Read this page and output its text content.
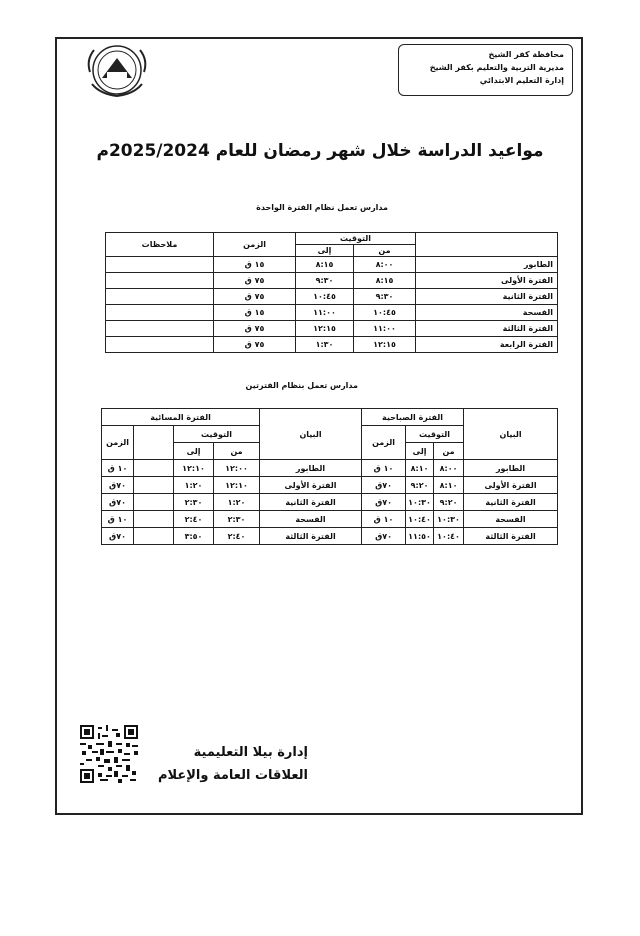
محافظة كفر الشيخ
مديرية التربية والتعليم بكفر الشيخ
إدارة التعليم الابتدائي
مواعيد الدراسة خلال شهر رمضان للعام 2025/2024م
مدارس تعمل نظام الفترة الواحدة
	التوقيت		الزمن	ملاحظات
	من	إلى		
الطابور	٨:٠٠	٨:١٥	١٥ ق	
الفترة الأولى	٨:١٥	٩:٣٠	٧٥ ق	
الفترة الثانية	٩:٣٠	١٠:٤٥	٧٥ ق	
الفسحة	١٠:٤٥	١١:٠٠	١٥ ق	
الفترة الثالثة	١١:٠٠	١٢:١٥	٧٥ ق	
الفترة الرابعة	١٢:١٥	١:٣٠	٧٥ ق	
مدارس تعمل بنظام الفترتين
البيان	الفترة الصباحية			البيان	الفترة المسائية			
	التوقيت		الزمن		التوقيت			الزمن
	من	إلى			من	إلى		
الطابور	٨:٠٠	٨:١٠	١٠ ق	الطابور	١٢:٠٠	١٢:١٠		١٠ ق
الفترة الأولى	٨:١٠	٩:٢٠	٧٠ق	الفترة الأولى	١٢:١٠	١:٢٠		٧٠ق
الفترة الثانية	٩:٢٠	١٠:٣٠	٧٠ق	الفترة الثانية	١:٢٠	٢:٣٠		٧٠ق
الفسحة	١٠:٣٠	١٠:٤٠	١٠ ق	الفسحة	٢:٣٠	٢:٤٠		١٠ ق
الفترة الثالثة	١٠:٤٠	١١:٥٠	٧٠ق	الفترة الثالثة	٢:٤٠	٣:٥٠		٧٠ق
إدارة بيلا التعليمية
العلاقات العامة والإعلام
